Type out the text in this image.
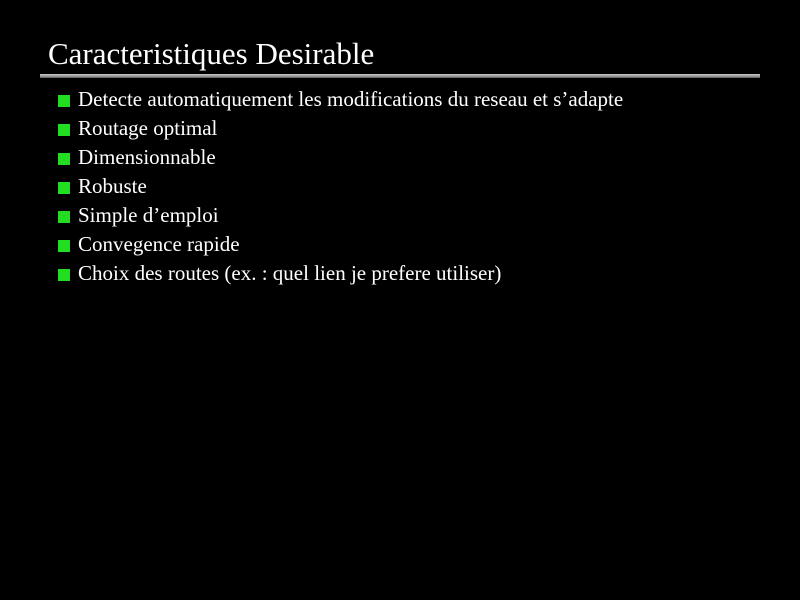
Caracteristiques Desirable
Detecte automatiquement les modifications du reseau et s’adapte
Routage optimal
Dimensionnable
Robuste
Simple d’emploi
Convegence rapide
Choix des routes (ex. : quel lien je prefere utiliser)
